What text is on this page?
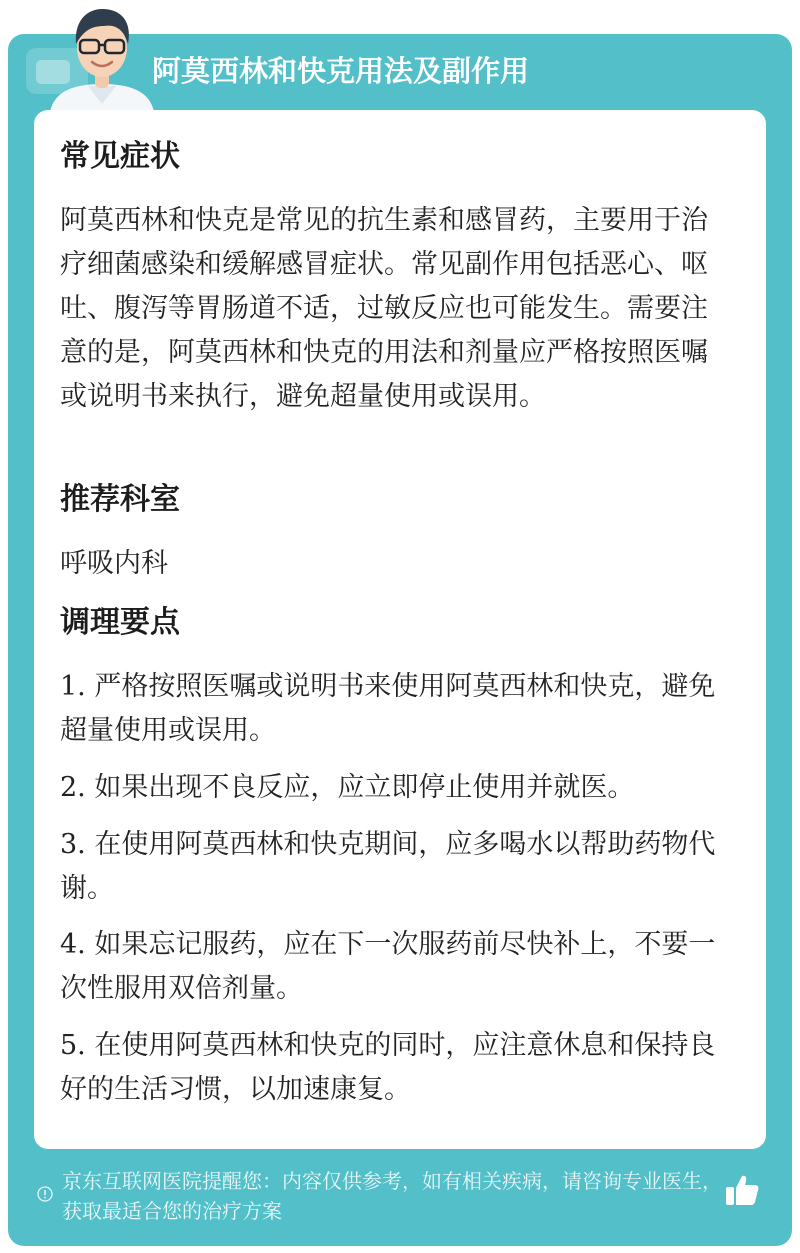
阿莫西林和快克用法及副作用
常见症状
阿莫西林和快克是常见的抗生素和感冒药，主要用于治疗细菌感染和缓解感冒症状。常见副作用包括恶心、呕吐、腹泻等胃肠道不适，过敏反应也可能发生。需要注意的是，阿莫西林和快克的用法和剂量应严格按照医嘱或说明书来执行，避免超量使用或误用。
推荐科室
呼吸内科
调理要点
1. 严格按照医嘱或说明书来使用阿莫西林和快克，避免超量使用或误用。
2. 如果出现不良反应，应立即停止使用并就医。
3. 在使用阿莫西林和快克期间，应多喝水以帮助药物代谢。
4. 如果忘记服药，应在下一次服药前尽快补上，不要一次性服用双倍剂量。
5. 在使用阿莫西林和快克的同时，应注意休息和保持良好的生活习惯，以加速康复。
京东互联网医院提醒您：内容仅供参考，如有相关疾病，请咨询专业医生，获取最适合您的治疗方案
